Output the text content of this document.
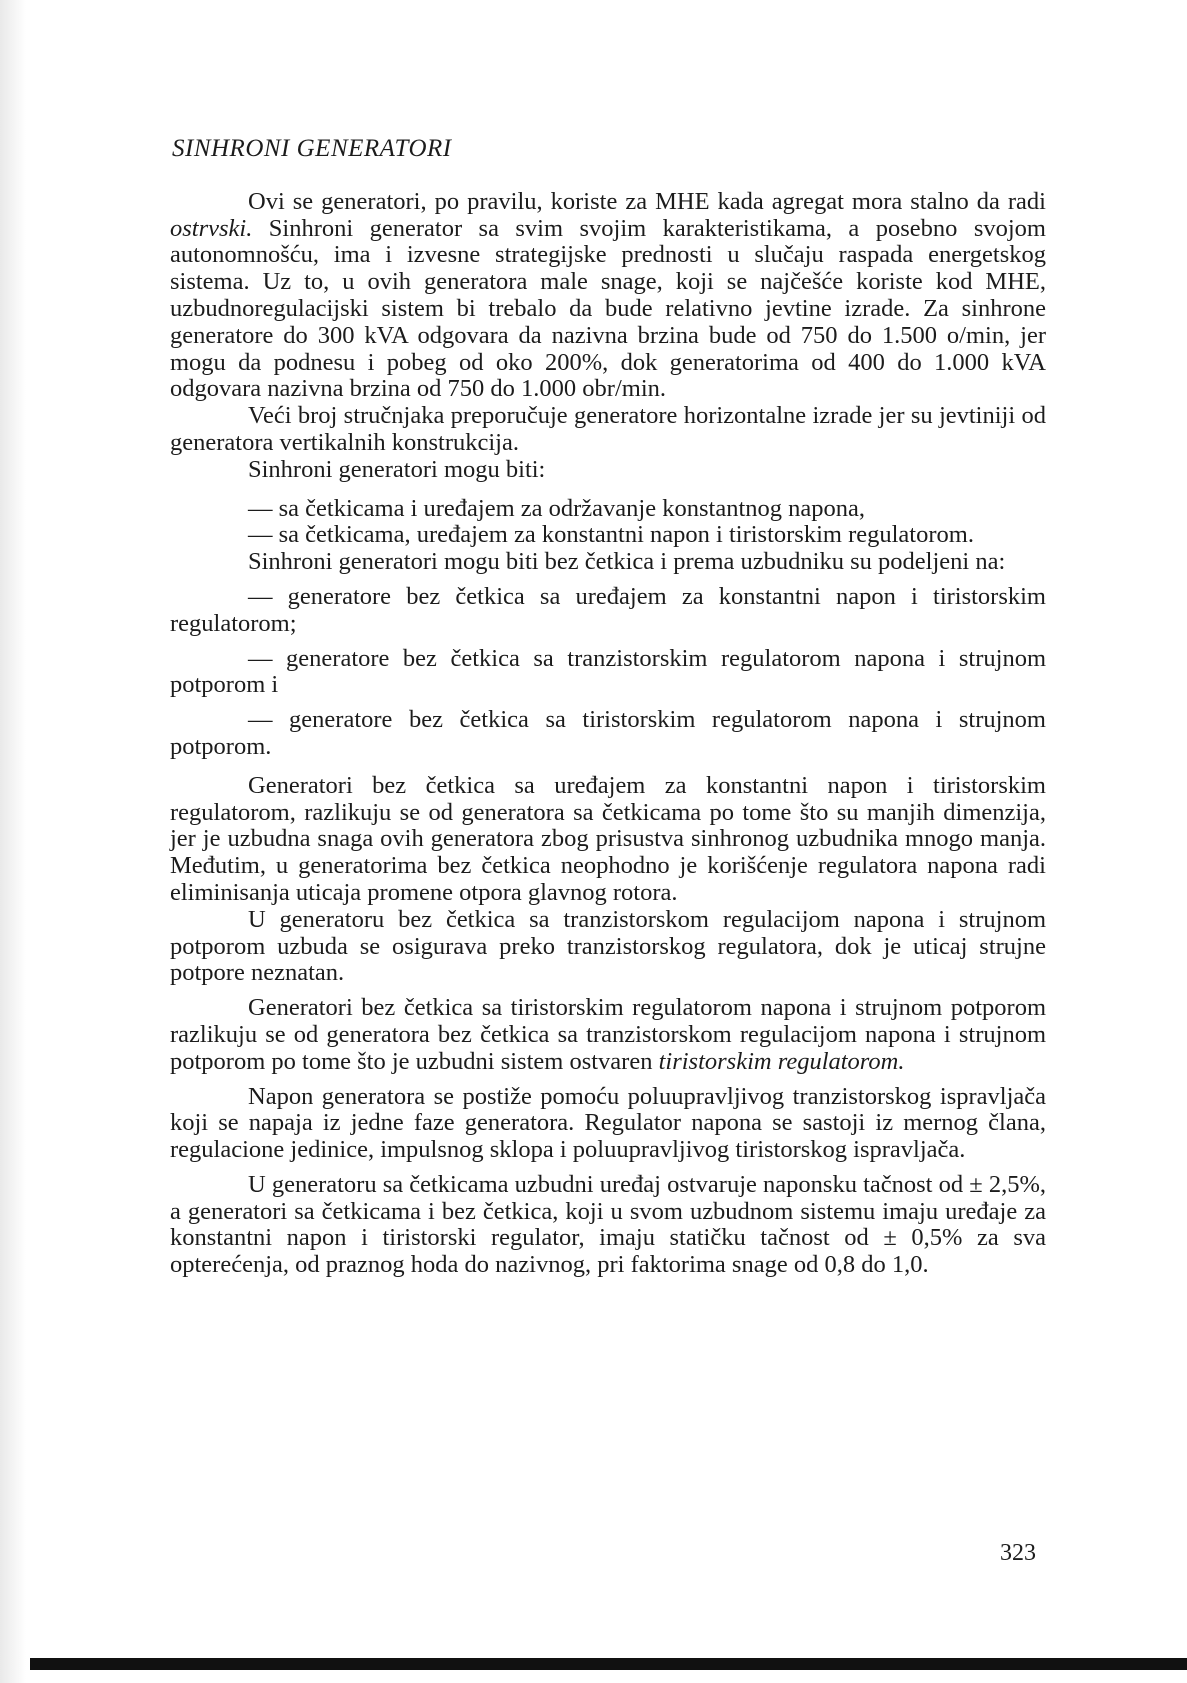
SINHRONI GENERATORI

Ovi se generatori, po pravilu, koriste za MHE kada agregat mora stalno da radi ostrvski. Sinhroni generator sa svim svojim karakteristikama, a posebno svojom autonomnošću, ima i izvesne strategijske prednosti u slučaju raspada energetskog sistema. Uz to, u ovih generatora male snage, koji se najčešće koriste kod MHE, uzbudnoregulacijski sistem bi trebalo da bude relativno jevtine izrade. Za sinhrone generatore do 300 kVA odgovara da nazivna brzina bude od 750 do 1.500 o/min, jer mogu da podnesu i pobeg od oko 200%, dok generatorima od 400 do 1.000 kVA odgovara nazivna brzina od 750 do 1.000 obr/min.

Veći broj stručnjaka preporučuje generatore horizontalne izrade jer su jevtiniji od generatora vertikalnih konstrukcija.

Sinhroni generatori mogu biti:

— sa četkicama i uređajem za održavanje konstantnog napona,

— sa četkicama, uređajem za konstantni napon i tiristorskim regulatorom.

Sinhroni generatori mogu biti bez četkica i prema uzbudniku su podeljeni na:

— generatore bez četkica sa uređajem za konstantni napon i tiristorskim regulatorom;

— generatore bez četkica sa tranzistorskim regulatorom napona i strujnom potporom i

— generatore bez četkica sa tiristorskim regulatorom napona i strujnom potporom.

Generatori bez četkica sa uređajem za konstantni napon i tiristorskim regulatorom, razlikuju se od generatora sa četkicama po tome što su manjih dimenzija, jer je uzbudna snaga ovih generatora zbog prisustva sinhronog uzbudnika mnogo manja. Međutim, u generatorima bez četkica neophodno je korišćenje regulatora napona radi eliminisanja uticaja promene otpora glavnog rotora.

U generatoru bez četkica sa tranzistorskom regulacijom napona i strujnom potporom uzbuda se osigurava preko tranzistorskog regulatora, dok je uticaj strujne potpore neznatan.

Generatori bez četkica sa tiristorskim regulatorom napona i strujnom potporom razlikuju se od generatora bez četkica sa tranzistorskom regulacijom napona i strujnom potporom po tome što je uzbudni sistem ostvaren tiristorskim regulatorom.

Napon generatora se postiže pomoću poluupravljivog tranzistorskog ispravljača koji se napaja iz jedne faze generatora. Regulator napona se sastoji iz mernog člana, regulacione jedinice, impulsnog sklopa i poluupravljivog tiristorskog ispravljača.

U generatoru sa četkicama uzbudni uređaj ostvaruje naponsku tačnost od ± 2,5%, a generatori sa četkicama i bez četkica, koji u svom uzbudnom sistemu imaju uređaje za konstantni napon i tiristorski regulator, imaju statičku tačnost od ± 0,5% za sva opterećenja, od praznog hoda do nazivnog, pri faktorima snage od 0,8 do 1,0.

323
